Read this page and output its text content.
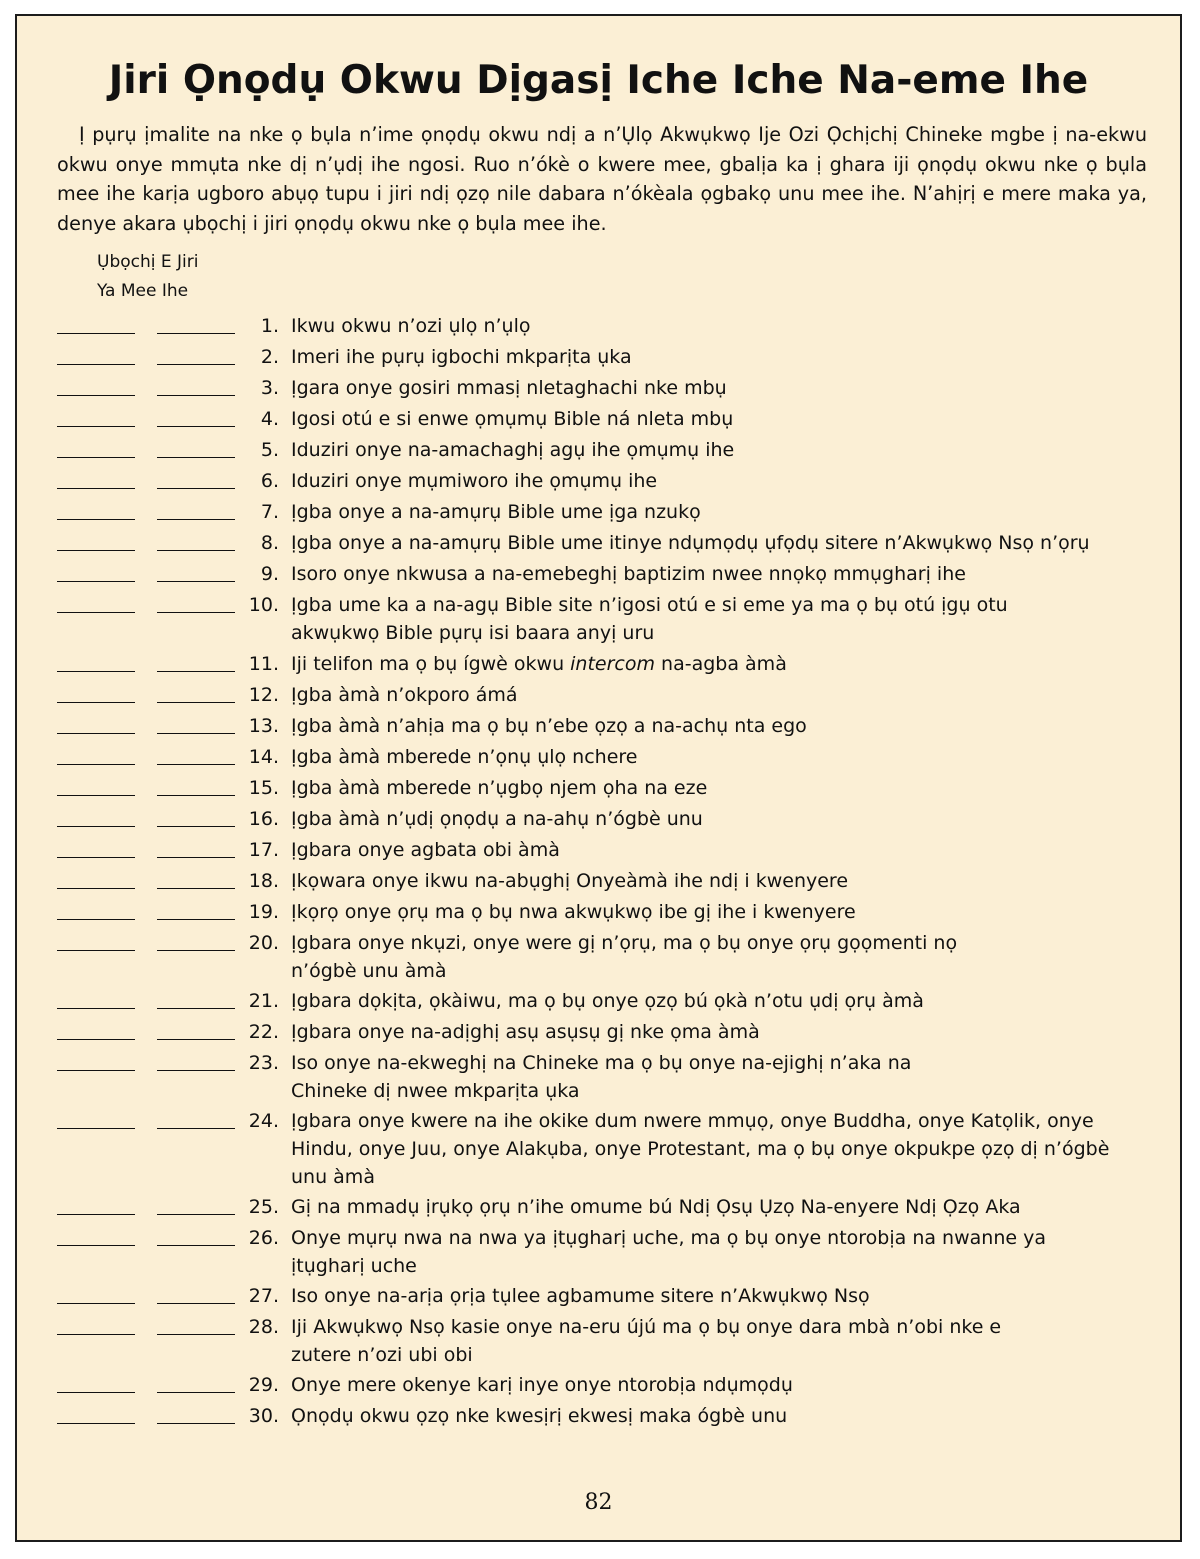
Jiri Ọnọdụ Okwu Dịgasị Iche Iche Na-eme Ihe

Ị pụrụ ịmalite na nke ọ bụla n’ime ọnọdụ okwu ndị a n’Ụlọ Akwụkwọ Ije Ozi Ọchịchị Chineke mgbe ị na-ekwu okwu onye mmụta nke dị n’ụdị ihe ngosi. Ruo n’ókè o kwere mee, gbalịa ka ị ghara iji ọnọdụ okwu nke ọ bụla mee ihe karịa ugboro abụọ tupu i jiri ndị ọzọ nile dabara n’ókèala ọgbakọ unu mee ihe. N’ahịrị e mere maka ya, denye akara ụbọchị i jiri ọnọdụ okwu nke ọ bụla mee ihe.

Ụbọchị E Jiri
Ya Mee Ihe
1. Ikwu okwu n’ozi ụlọ n’ụlọ
2. Imeri ihe pụrụ igbochi mkparịta ụka
3. Ịgara onye gosiri mmasị nletaghachi nke mbụ
4. Igosi otú e si enwe ọmụmụ Bible ná nleta mbụ
5. Iduziri onye na-amachaghị agụ ihe ọmụmụ ihe
6. Iduziri onye mụmiworo ihe ọmụmụ ihe
7. Ịgba onye a na-amụrụ Bible ume ịga nzukọ
8. Ịgba onye a na-amụrụ Bible ume itinye ndụmọdụ ụfọdụ sitere n’Akwụkwọ Nsọ n’ọrụ
9. Isoro onye nkwusa a na-emebeghị baptizim nwee nnọkọ mmụgharị ihe
10. Ịgba ume ka a na-agụ Bible site n’igosi otú e si eme ya ma ọ bụ otú ịgụ otu akwụkwọ Bible pụrụ isi baara anyị uru
11. Iji telifon ma ọ bụ ígwè okwu intercom na-agba àmà
12. Ịgba àmà n’okporo ámá
13. Ịgba àmà n’ahịa ma ọ bụ n’ebe ọzọ a na-achụ nta ego
14. Ịgba àmà mberede n’ọnụ ụlọ nchere
15. Ịgba àmà mberede n’ụgbọ njem ọha na eze
16. Ịgba àmà n’ụdị ọnọdụ a na-ahụ n’ógbè unu
17. Ịgbara onye agbata obi àmà
18. Ịkọwara onye ikwu na-abụghị Onyeàmà ihe ndị i kwenyere
19. Ịkọrọ onye ọrụ ma ọ bụ nwa akwụkwọ ibe gị ihe i kwenyere
20. Ịgbara onye nkụzi, onye were gị n’ọrụ, ma ọ bụ onye ọrụ gọọmenti nọ n’ógbè unu àmà
21. Ịgbara dọkịta, ọkàiwu, ma ọ bụ onye ọzọ bú ọkà n’otu ụdị ọrụ àmà
22. Ịgbara onye na-adịghị asụ asụsụ gị nke ọma àmà
23. Iso onye na-ekweghị na Chineke ma ọ bụ onye na-ejighị n’aka na Chineke dị nwee mkparịta ụka
24. Ịgbara onye kwere na ihe okike dum nwere mmụọ, onye Buddha, onye Katọlik, onye Hindu, onye Juu, onye Alakụba, onye Protestant, ma ọ bụ onye okpukpe ọzọ dị n’ógbè unu àmà
25. Gị na mmadụ ịrụkọ ọrụ n’ihe omume bú Ndị Ọsụ Ụzọ Na-enyere Ndị Ọzọ Aka
26. Onye mụrụ nwa na nwa ya ịtụgharị uche, ma ọ bụ onye ntorobịa na nwanne ya ịtụgharị uche
27. Iso onye na-arịa ọrịa tụlee agbamume sitere n’Akwụkwọ Nsọ
28. Iji Akwụkwọ Nsọ kasie onye na-eru újú ma ọ bụ onye dara mbà n’obi nke e zutere n’ozi ubi obi
29. Onye mere okenye karị inye onye ntorobịa ndụmọdụ
30. Ọnọdụ okwu ọzọ nke kwesịrị ekwesị maka ógbè unu
82
